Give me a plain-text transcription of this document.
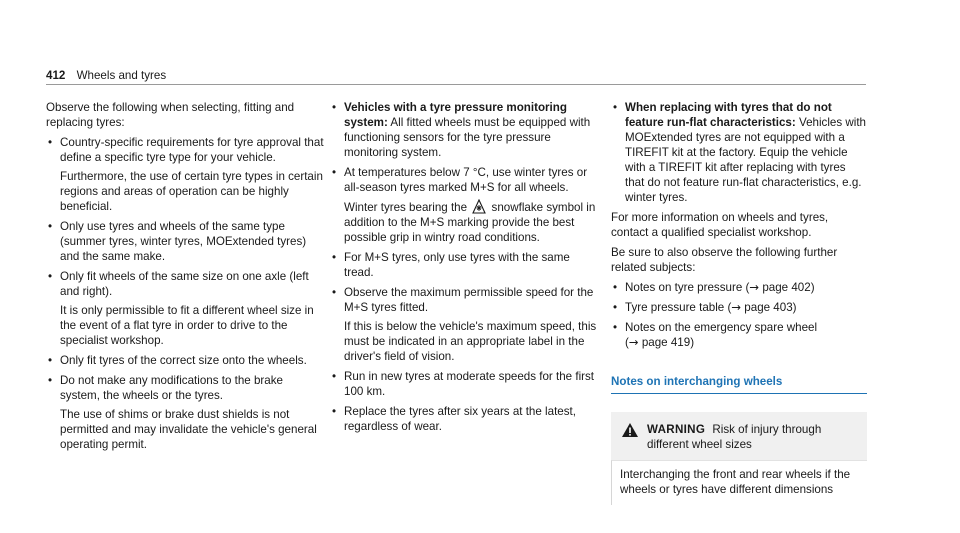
412 Wheels and tyres

Observe the following when selecting, fitting and replacing tyres:

• Country-specific requirements for tyre approval that define a specific tyre type for your vehicle.
Furthermore, the use of certain tyre types in certain regions and areas of operation can be highly beneficial.
• Only use tyres and wheels of the same type (summer tyres, winter tyres, MOExtended tyres) and the same make.
• Only fit wheels of the same size on one axle (left and right).
It is only permissible to fit a different wheel size in the event of a flat tyre in order to drive to the specialist workshop.
• Only fit tyres of the correct size onto the wheels.
• Do not make any modifications to the brake system, the wheels or the tyres.
The use of shims or brake dust shields is not permitted and may invalidate the vehicle's general operating permit.
• Vehicles with a tyre pressure monitoring system: All fitted wheels must be equipped with functioning sensors for the tyre pressure monitoring system.
• At temperatures below 7 °C, use winter tyres or all-season tyres marked M+S for all wheels.
Winter tyres bearing the snowflake symbol in addition to the M+S marking provide the best possible grip in wintry road conditions.
• For M+S tyres, only use tyres with the same tread.
• Observe the maximum permissible speed for the M+S tyres fitted.
If this is below the vehicle's maximum speed, this must be indicated in an appropriate label in the driver's field of vision.
• Run in new tyres at moderate speeds for the first 100 km.
• Replace the tyres after six years at the latest, regardless of wear.
• When replacing with tyres that do not feature run-flat characteristics: Vehicles with MOExtended tyres are not equipped with a TIREFIT kit at the factory. Equip the vehicle with a TIREFIT kit after replacing with tyres that do not feature run-flat characteristics, e.g. winter tyres.

For more information on wheels and tyres, contact a qualified specialist workshop.

Be sure to also observe the following further related subjects:

• Notes on tyre pressure (→ page 402)
• Tyre pressure table (→ page 403)
• Notes on the emergency spare wheel
(→ page 419)
Notes on interchanging wheels
WARNING Risk of injury through different wheel sizes
Interchanging the front and rear wheels if the wheels or tyres have different dimensions
